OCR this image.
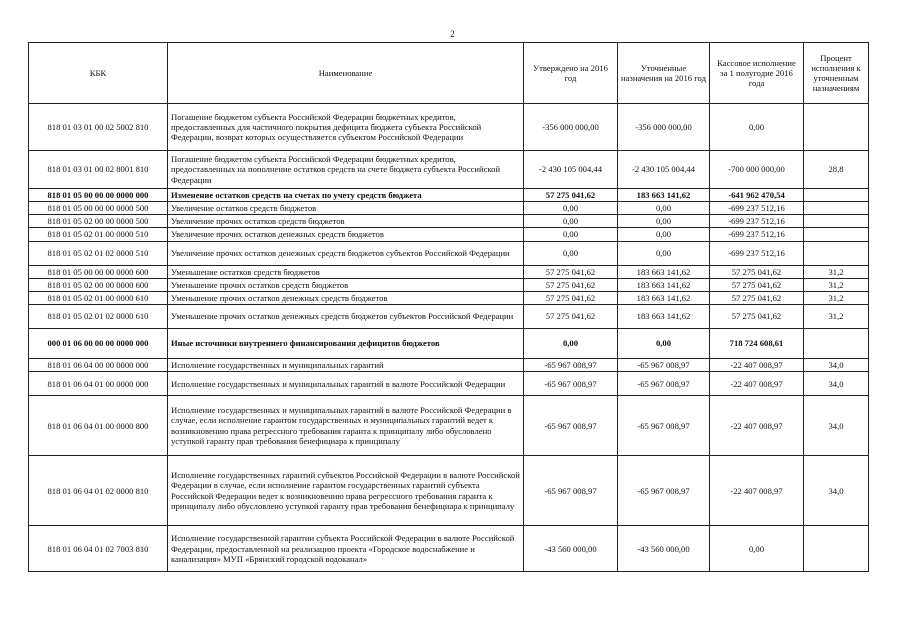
2
КБК	Наименование	Утверждено на 2016 год	Уточненные назначения на 2016 год	Кассовое исполнение за 1 полугодие 2016 года	Процент исполнения к уточненным назначениям
818 01 03 01 00 02 5002 810	Погашение бюджетом субъекта Российской Федерации бюджетных кредитов, предоставленных для частичного покрытия дефицита бюджета субъекта Российской Федерации, возврат которых осуществляется субъектом Российской Федерации	-356 000 000,00	-356 000 000,00	0,00	
818 01 03 01 00 02 8001 810	Погашение бюджетом субъекта Российской Федерации бюджетных кредитов, предоставленных на пополнение остатков средств на счете бюджета субъекта Российской Федерации	-2 430 105 004,44	-2 430 105 004,44	-700 000 000,00	28,8
818 01 05 00 00 00 0000 000	Изменение остатков средств на счетах по учету средств бюджета	57 275 041,62	183 663 141,62	-641 962 470,54	
818 01 05 00 00 00 0000 500	Увеличение остатков средств бюджетов	0,00	0,00	-699 237 512,16	
818 01 05 02 00 00 0000 500	Увеличение прочих остатков средств бюджетов	0,00	0,00	-699 237 512,16	
818 01 05 02 01 00 0000 510	Увеличение прочих остатков денежных средств бюджетов	0,00	0,00	-699 237 512,16	
818 01 05 02 01 02 0000 510	Увеличение прочих остатков денежных средств бюджетов субъектов Российской Федерации	0,00	0,00	-699 237 512,16	
818 01 05 00 00 00 0000 600	Уменьшение остатков средств бюджетов	57 275 041,62	183 663 141,62	57 275 041,62	31,2
818 01 05 02 00 00 0000 600	Уменьшение прочих остатков средств бюджетов	57 275 041,62	183 663 141,62	57 275 041,62	31,2
818 01 05 02 01 00 0000 610	Уменьшение прочих остатков денежных средств бюджетов	57 275 041,62	183 663 141,62	57 275 041,62	31,2
818 01 05 02 01 02 0000 610	Уменьшение прочих остатков денежных средств бюджетов субъектов Российской Федерации	57 275 041,62	183 663 141,62	57 275 041,62	31,2
000 01 06 00 00 00 0000 000	Иные источники внутреннего финансирования дефицитов бюджетов	0,00	0,00	718 724 608,61	
818 01 06 04 00 00 0000 000	Исполнение государственных и муниципальных гарантий	-65 967 008,97	-65 967 008,97	-22 407 008,97	34,0
818 01 06 04 01 00 0000 000	Исполнение государственных и муниципальных гарантий в валюте Российской Федерации	-65 967 008,97	-65 967 008,97	-22 407 008,97	34,0
818 01 06 04 01 00 0000 800	Исполнение государственных и муниципальных гарантий в валюте Российской Федерации в случае, если исполнение гарантом государственных и муниципальных гарантий ведет к возникновению права регрессного требования гаранта к принципалу либо обусловлено уступкой гаранту прав требования бенефициара к принципалу	-65 967 008,97	-65 967 008,97	-22 407 008,97	34,0
818 01 06 04 01 02 0000 810	Исполнение государственных гарантий субъектов Российской Федерации в валюте Российской Федерации в случае, если исполнение гарантом государственных гарантий субъекта Российской Федерации ведет к возникновению права регрессного требования гаранта к принципалу либо обусловлено уступкой гаранту прав требования бенефициара к принципалу	-65 967 008,97	-65 967 008,97	-22 407 008,97	34,0
818 01 06 04 01 02 7003 810	Исполнение государственной гарантии субъекта Российской Федерации в валюте Российской Федерации, предоставленной на реализацию проекта «Городское водоснабжение и канализация» МУП «Брянский городской водоканал»	-43 560 000,00	-43 560 000,00	0,00	
